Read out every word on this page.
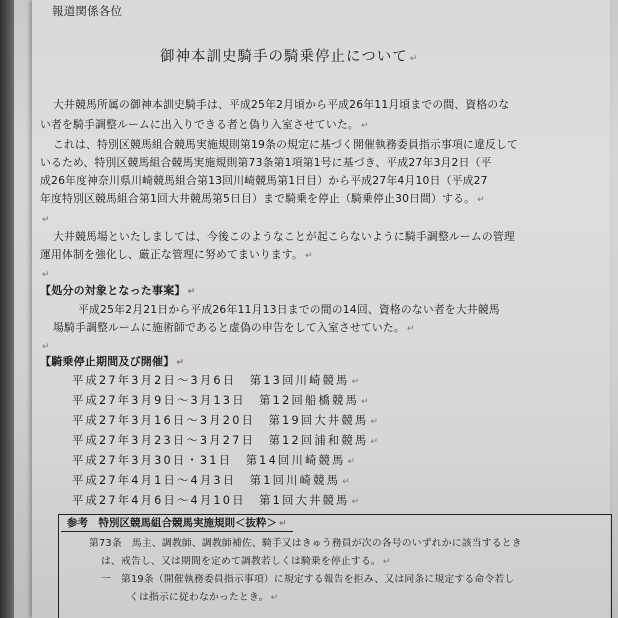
報道関係各位
御神本訓史騎手の騎乗停止について ↵
大井競馬所属の御神本訓史騎手は、平成25年2月頃から平成26年11月頃までの間、資格のな
い者を騎手調整ルームに出入りできる者と偽り入室させていた。 ↵
これは、特別区競馬組合競馬実施規則第19条の規定に基づく開催執務委員指示事項に違反して
いるため、特別区競馬組合競馬実施規則第73条第1項第1号に基づき、平成27年3月2日（平
成26年度神奈川県川崎競馬組合第13回川崎競馬第1日目）から平成27年4月10日（平成27
年度特別区競馬組合第1回大井競馬第5日目）まで騎乗を停止（騎乗停止30日間）する。 ↵
↵
大井競馬場といたしましては、今後このようなことが起こらないように騎手調整ルームの管理
運用体制を強化し、厳正な管理に努めてまいります。 ↵
↵
【処分の対象となった事案】 ↵
平成25年2月21日から平成26年11月13日までの間の14回、資格のない者を大井競馬
場騎手調整ルームに施術師であると虚偽の申告をして入室させていた。 ↵
↵
【騎乗停止期間及び開催】 ↵
平成27年3月2日～3月6日　第13回川崎競馬 ↵
平成27年3月9日～3月13日　第12回船橋競馬 ↵
平成27年3月16日～3月20日　第19回大井競馬 ↵
平成27年3月23日～3月27日　第12回浦和競馬 ↵
平成27年3月30日・31日　第14回川崎競馬 ↵
平成27年4月1日～4月3日　第1回川崎競馬 ↵
平成27年4月6日～4月10日　第1回大井競馬 ↵
参考　特別区競馬組合競馬実施規則＜抜粋＞ ↵
第73条　馬主、調教師、調教師補佐、騎手又はきゅう務員が次の各号のいずれかに該当するとき
は、戒告し、又は期間を定めて調教若しくは騎乗を停止する。 ↵
一　第19条（開催執務委員指示事項）に規定する報告を拒み、又は同条に規定する命令若し
くは指示に従わなかったとき。 ↵
